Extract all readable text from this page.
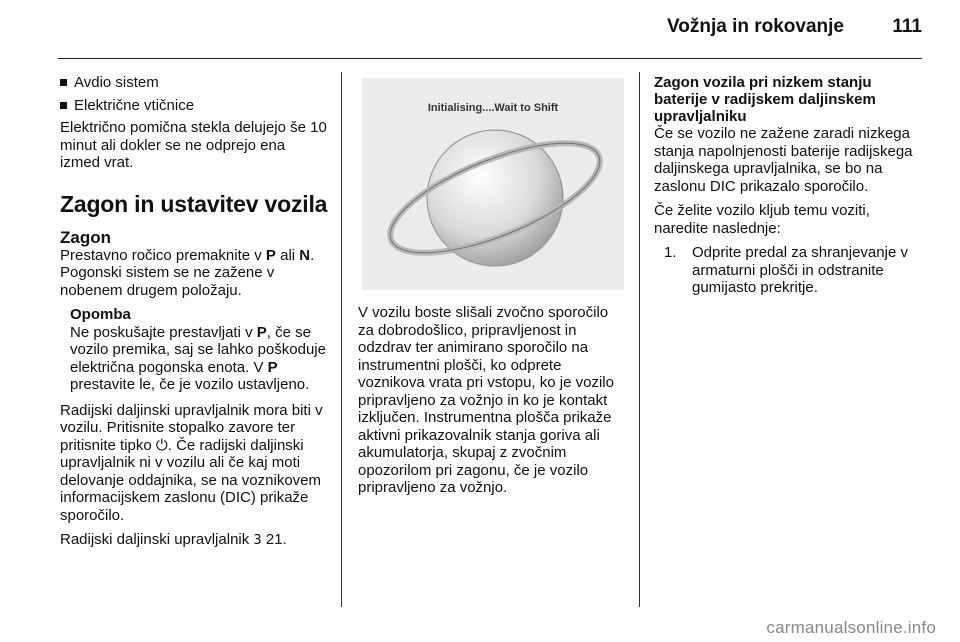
Vožnja in rokovanje	111
Avdio sistem
Električne vtičnice

Električno pomična stekla delujejo še 10 minut ali dokler se ne odprejo ena izmed vrat.

Zagon in ustavitev vozila
Zagon

Prestavno ročico premaknite v P ali N. Pogonski sistem se ne zažene v nobenem drugem položaju.

Opomba
Ne poskušajte prestavljati v P, če se vozilo premika, saj se lahko poškoduje električna pogonska enota. V P prestavite le, če je vozilo ustavljeno.

Radijski daljinski upravljalnik mora biti v vozilu. Pritisnite stopalko zavore ter pritisnite tipko ⏻. Če radijski daljinski upravljalnik ni v vozilu ali če kaj moti delovanje oddajnika, se na voznikovem informacijskem zaslonu (DIC) prikaže sporočilo.

Radijski daljinski upravljalnik 3 21.

Initialising....Wait to Shift

V vozilu boste slišali zvočno sporočilo za dobrodošlico, pripravljenost in odzdrav ter animirano sporočilo na instrumentni plošči, ko odprete voznikova vrata pri vstopu, ko je vozilo pripravljeno za vožnjo in ko je kontakt izključen. Instrumentna plošča prikaže aktivni prikazovalnik stanja goriva ali akumulatorja, skupaj z zvočnim opozorilom pri zagonu, če je vozilo pripravljeno za vožnjo.

Zagon vozila pri nizkem stanju baterije v radijskem daljinskem upravljalniku

Če se vozilo ne zažene zaradi nizkega stanja napolnjenosti baterije radijskega daljinskega upravljalnika, se bo na zaslonu DIC prikazalo sporočilo.

Če želite vozilo kljub temu voziti, naredite naslednje:

1. Odprite predal za shranjevanje v armaturni plošči in odstranite gumijasto prekritje.
carmanualsonline.info
